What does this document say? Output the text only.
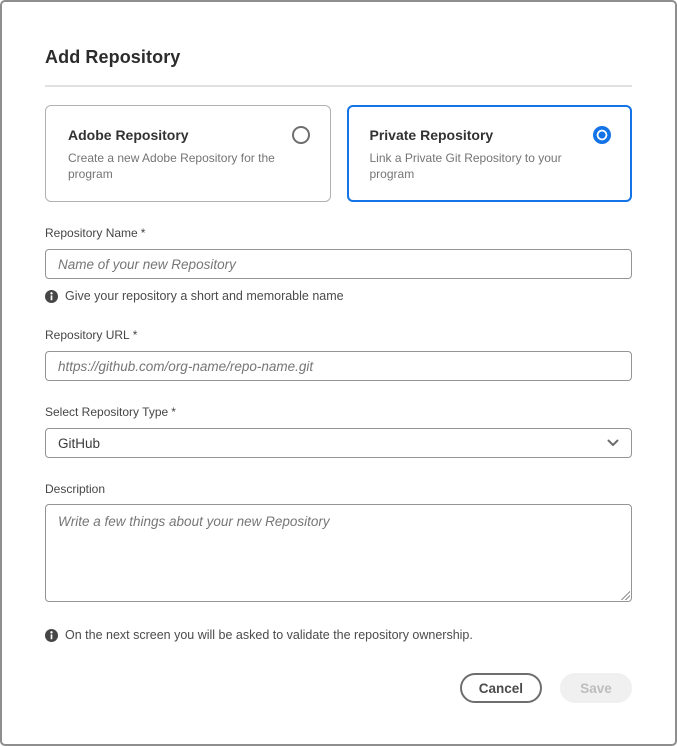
Add Repository
Adobe Repository
Create a new Adobe Repository for the program
Private Repository
Link a Private Git Repository to your program
Repository Name *
Name of your new Repository
Give your repository a short and memorable name
Repository URL *
https://github.com/org-name/repo-name.git
Select Repository Type *
GitHub
Description
Write a few things about your new Repository
On the next screen you will be asked to validate the repository ownership.
Cancel	Save
